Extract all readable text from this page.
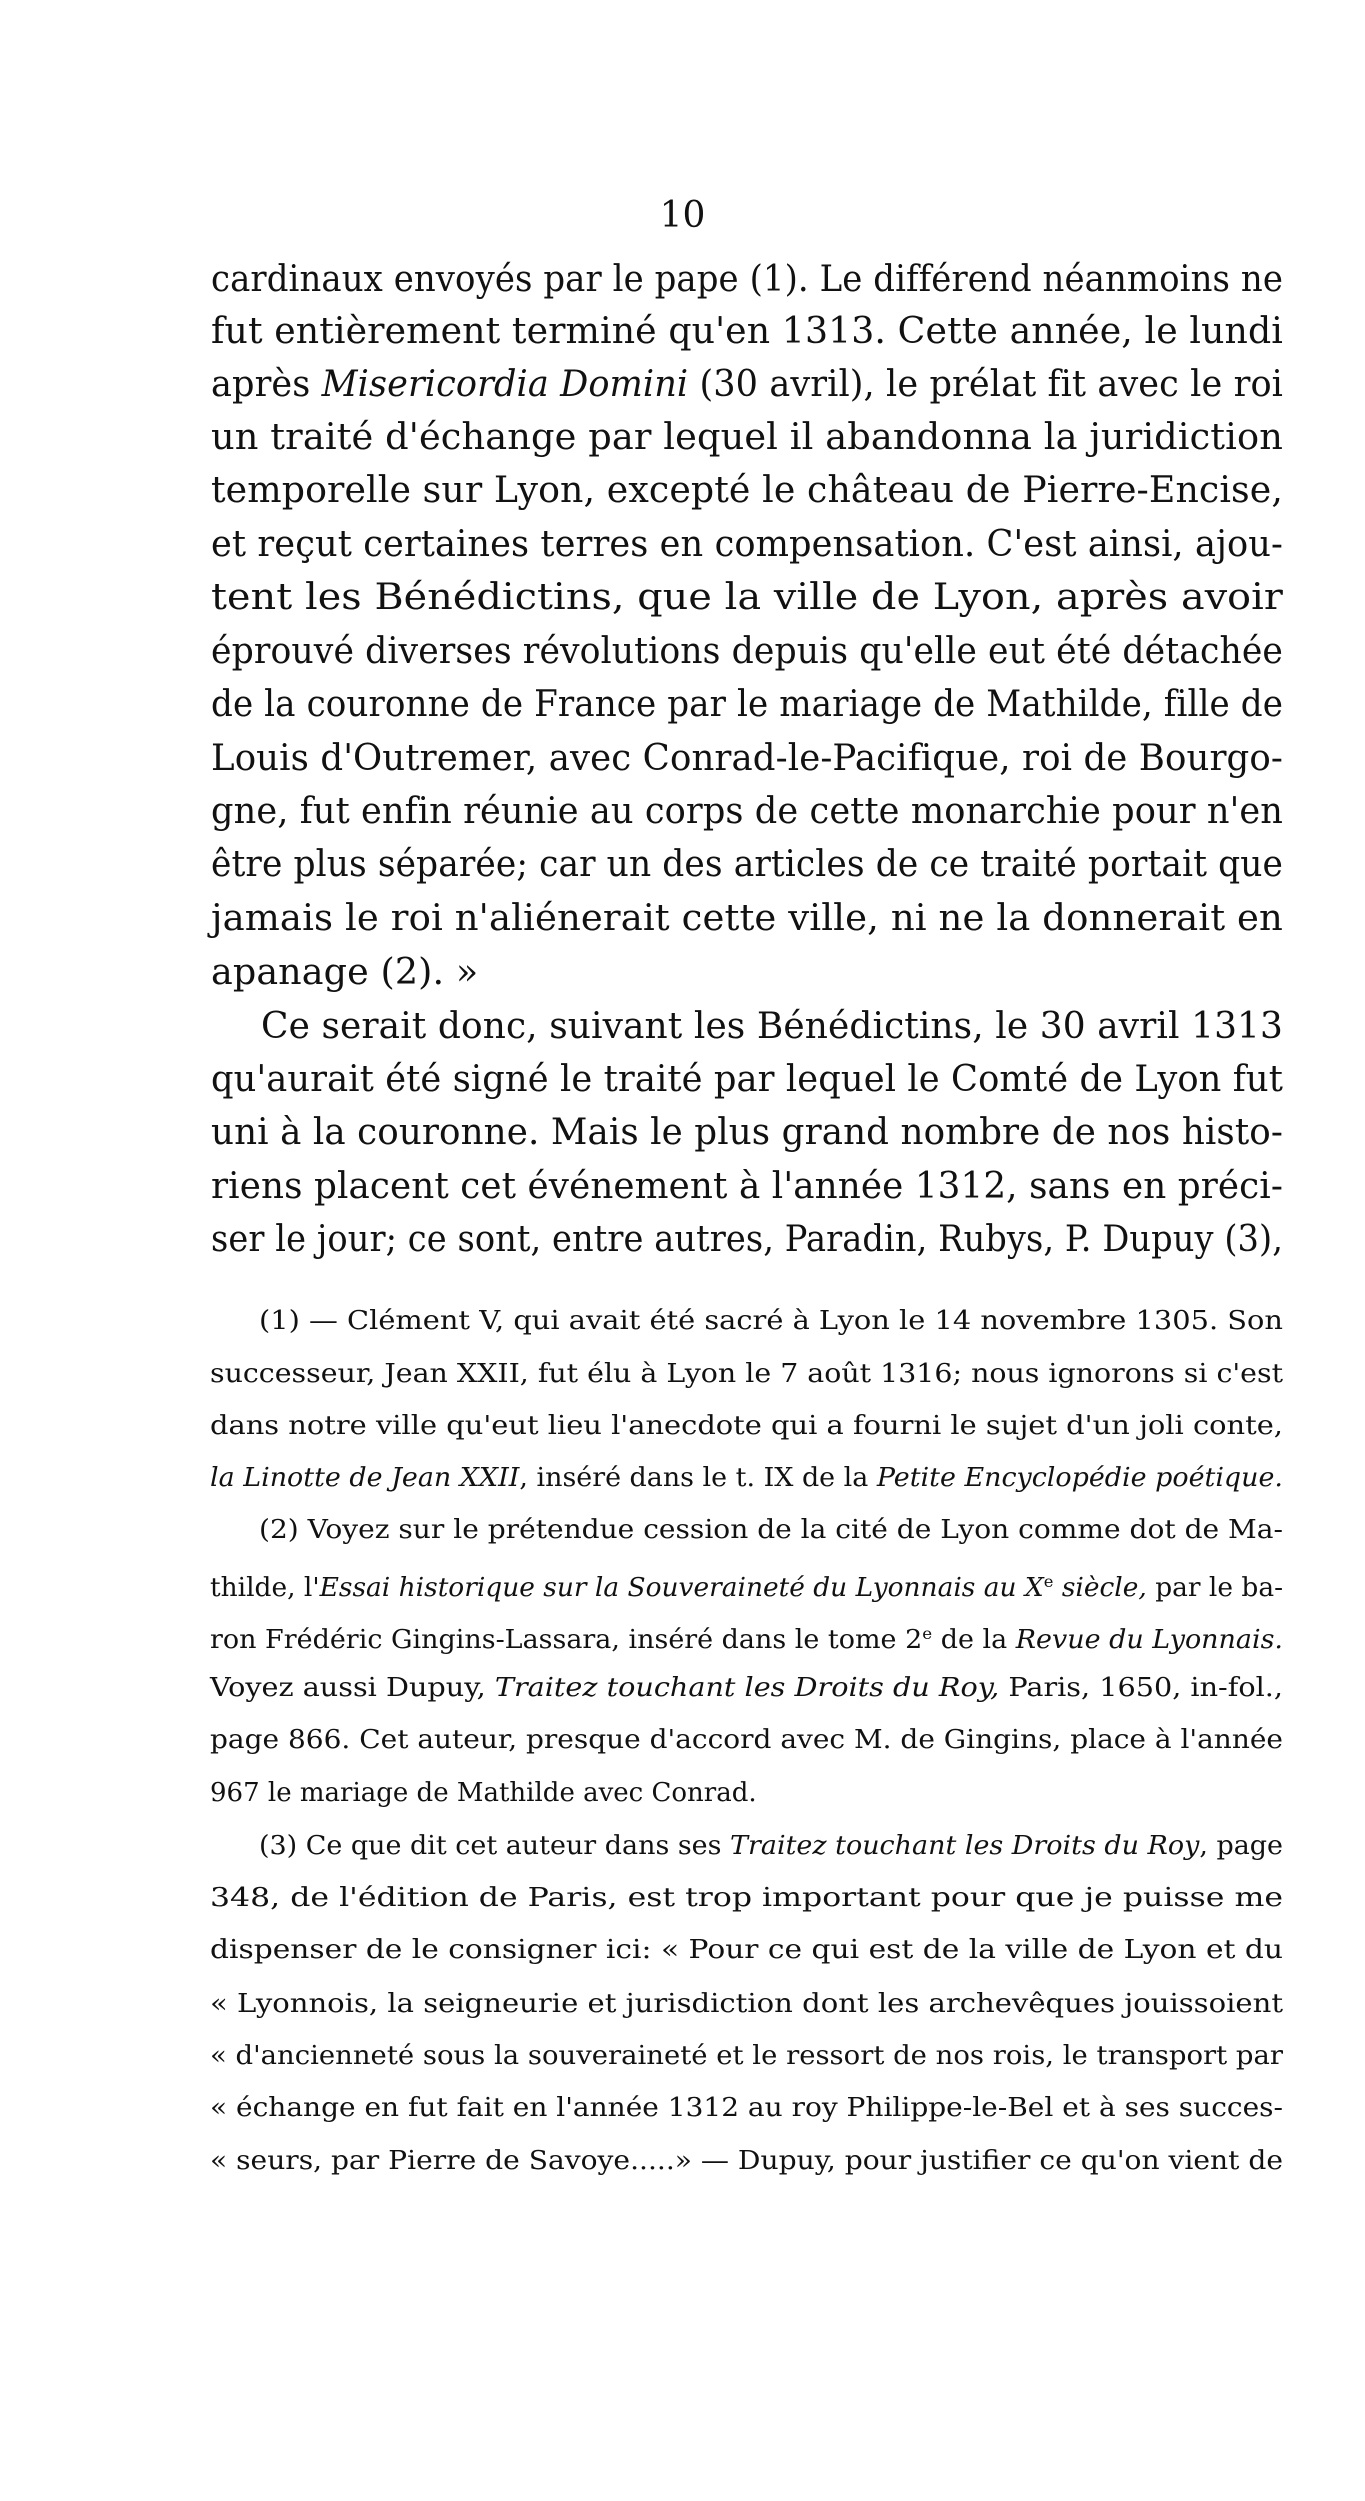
10
cardinaux envoyés par le pape (1). Le différend néanmoins ne
fut entièrement terminé qu'en 1313. Cette année, le lundi
après Misericordia Domini (30 avril), le prélat fit avec le roi
un traité d'échange par lequel il abandonna la juridiction
temporelle sur Lyon, excepté le château de Pierre-Encise,
et reçut certaines terres en compensation. C'est ainsi, ajou-
tent les Bénédictins, que la ville de Lyon, après avoir
éprouvé diverses révolutions depuis qu'elle eut été détachée
de la couronne de France par le mariage de Mathilde, fille de
Louis d'Outremer, avec Conrad-le-Pacifique, roi de Bourgo-
gne, fut enfin réunie au corps de cette monarchie pour n'en
être plus séparée; car un des articles de ce traité portait que
jamais le roi n'aliénerait cette ville, ni ne la donnerait en
apanage (2). »
Ce serait donc, suivant les Bénédictins, le 30 avril 1313
qu'aurait été signé le traité par lequel le Comté de Lyon fut
uni à la couronne. Mais le plus grand nombre de nos histo-
riens placent cet événement à l'année 1312, sans en préci-
ser le jour; ce sont, entre autres, Paradin, Rubys, P. Dupuy (3),
(1) — Clément V, qui avait été sacré à Lyon le 14 novembre 1305. Son
successeur, Jean XXII, fut élu à Lyon le 7 août 1316; nous ignorons si c'est
dans notre ville qu'eut lieu l'anecdote qui a fourni le sujet d'un joli conte,
la Linotte de Jean XXII, inséré dans le t. IX de la Petite Encyclopédie poétique.
(2) Voyez sur le prétendue cession de la cité de Lyon comme dot de Ma-
thilde, l'Essai historique sur la Souveraineté du Lyonnais au Xe siècle, par le ba-
ron Frédéric Gingins-Lassara, inséré dans le tome 2e de la Revue du Lyonnais.
Voyez aussi Dupuy, Traitez touchant les Droits du Roy, Paris, 1650, in-fol.,
page 866. Cet auteur, presque d'accord avec M. de Gingins, place à l'année
967 le mariage de Mathilde avec Conrad.
(3) Ce que dit cet auteur dans ses Traitez touchant les Droits du Roy, page
348, de l'édition de Paris, est trop important pour que je puisse me
dispenser de le consigner ici: « Pour ce qui est de la ville de Lyon et du
« Lyonnois, la seigneurie et jurisdiction dont les archevêques jouissoient
« d'ancienneté sous la souveraineté et le ressort de nos rois, le transport par
« échange en fut fait en l'année 1312 au roy Philippe-le-Bel et à ses succes-
« seurs, par Pierre de Savoye.....» — Dupuy, pour justifier ce qu'on vient de
